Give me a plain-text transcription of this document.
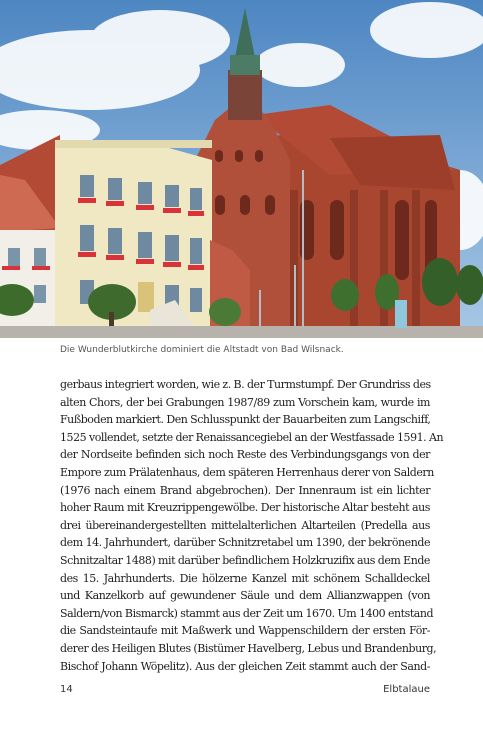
Die Wunderblutkirche dominiert die Altstadt von Bad Wilsnack.
gerbaus integriert worden, wie z. B. der Turmstumpf. Der Grundriss des
alten Chors, der bei Grabungen 1987/89 zum Vorschein kam, wurde im
Fußboden markiert. Den Schlusspunkt der Bauarbeiten zum Langschiff,
1525 vollendet, setzte der Renaissancegiebel an der Westfassade 1591. An
der Nordseite befinden sich noch Reste des Verbindungsgangs von der
Empore zum Prälatenhaus, dem späteren Herrenhaus derer von Saldern
(1976 nach einem Brand abgebrochen). Der Innenraum ist ein lichter
hoher Raum mit Kreuzrippengewölbe. Der historische Altar besteht aus
drei übereinandergestellten mittelalterlichen Altarteilen (Predella aus
dem 14. Jahrhundert, darüber Schnitzretabel um 1390, der bekrönende
Schnitzaltar 1488) mit darüber befindlichem Holzkruzifix aus dem Ende
des 15. Jahrhunderts. Die hölzerne Kanzel mit schönem Schalldeckel
und Kanzelkorb auf gewundener Säule und dem Allianzwappen (von
Saldern/von Bismarck) stammt aus der Zeit um 1670. Um 1400 entstand
die Sandsteintaufe mit Maßwerk und Wappenschildern der ersten För-
derer des Heiligen Blutes (Bistümer Havelberg, Lebus und Brandenburg,
Bischof Johann Wöpelitz). Aus der gleichen Zeit stammt auch der Sand-
14	Elbtalaue
